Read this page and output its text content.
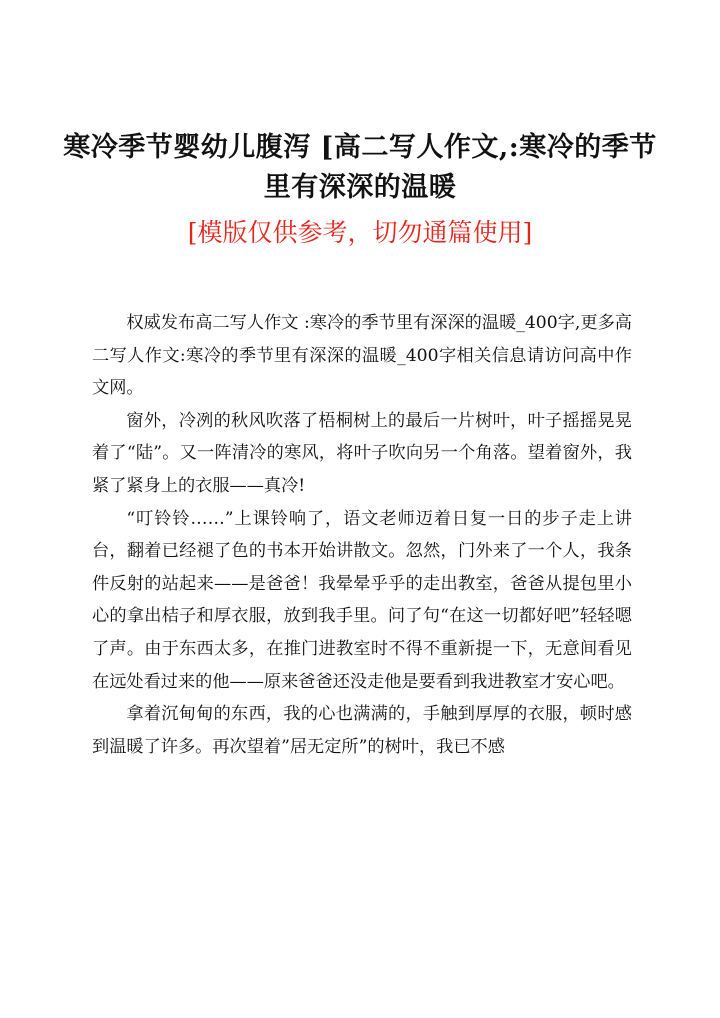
寒冷季节婴幼儿腹泻 [高二写人作文,:寒冷的季节里有深深的温暖
[模版仅供参考，切勿通篇使用]

权威发布高二写人作文 :寒冷的季节里有深深的温暖_400字,更多高二写人作文:寒冷的季节里有深深的温暖_400字相关信息请访问高中作文网。

窗外，冷冽的秋风吹落了梧桐树上的最后一片树叶，叶子摇摇晃晃着了“陆”。又一阵清冷的寒风，将叶子吹向另一个角落。望着窗外，我紧了紧身上的衣服——真冷!

“叮铃铃……”上课铃响了，语文老师迈着日复一日的步子走上讲台，翻着已经褪了色的书本开始讲散文。忽然，门外来了一个人，我条件反射的站起来——是爸爸！我晕晕乎乎的走出教室，爸爸从提包里小心的拿出桔子和厚衣服，放到我手里。问了句“在这一切都好吧”轻轻嗯了声。由于东西太多，在推门进教室时不得不重新提一下，无意间看见在远处看过来的他——原来爸爸还没走他是要看到我进教室才安心吧。

拿着沉甸甸的东西，我的心也满满的，手触到厚厚的衣服，顿时感到温暖了许多。再次望着”居无定所”的树叶，我已不感
